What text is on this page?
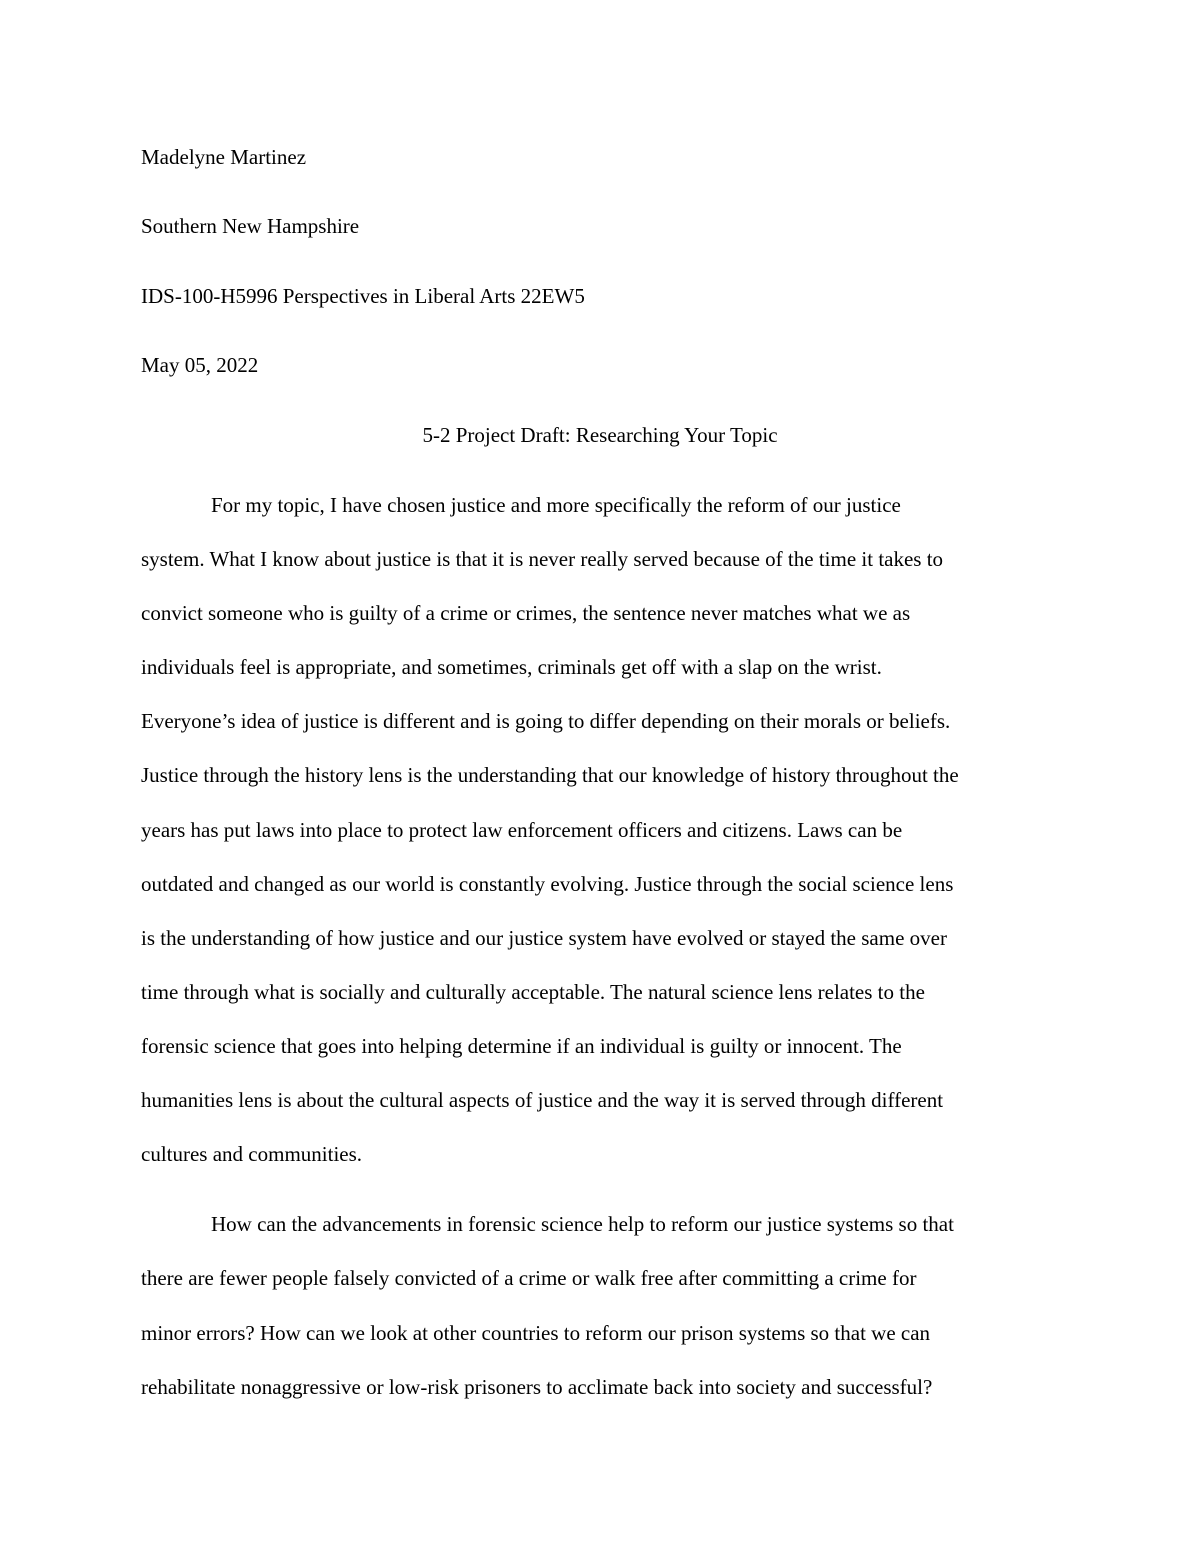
Madelyne Martinez

Southern New Hampshire

IDS-100-H5996 Perspectives in Liberal Arts 22EW5

May 05, 2022

5-2 Project Draft: Researching Your Topic

For my topic, I have chosen justice and more specifically the reform of our justice

system. What I know about justice is that it is never really served because of the time it takes to

convict someone who is guilty of a crime or crimes, the sentence never matches what we as

individuals feel is appropriate, and sometimes, criminals get off with a slap on the wrist.

Everyone’s idea of justice is different and is going to differ depending on their morals or beliefs.

Justice through the history lens is the understanding that our knowledge of history throughout the

years has put laws into place to protect law enforcement officers and citizens. Laws can be

outdated and changed as our world is constantly evolving. Justice through the social science lens

is the understanding of how justice and our justice system have evolved or stayed the same over

time through what is socially and culturally acceptable. The natural science lens relates to the

forensic science that goes into helping determine if an individual is guilty or innocent. The

humanities lens is about the cultural aspects of justice and the way it is served through different

cultures and communities.

How can the advancements in forensic science help to reform our justice systems so that

there are fewer people falsely convicted of a crime or walk free after committing a crime for

minor errors? How can we look at other countries to reform our prison systems so that we can

rehabilitate nonaggressive or low-risk prisoners to acclimate back into society and successful?
